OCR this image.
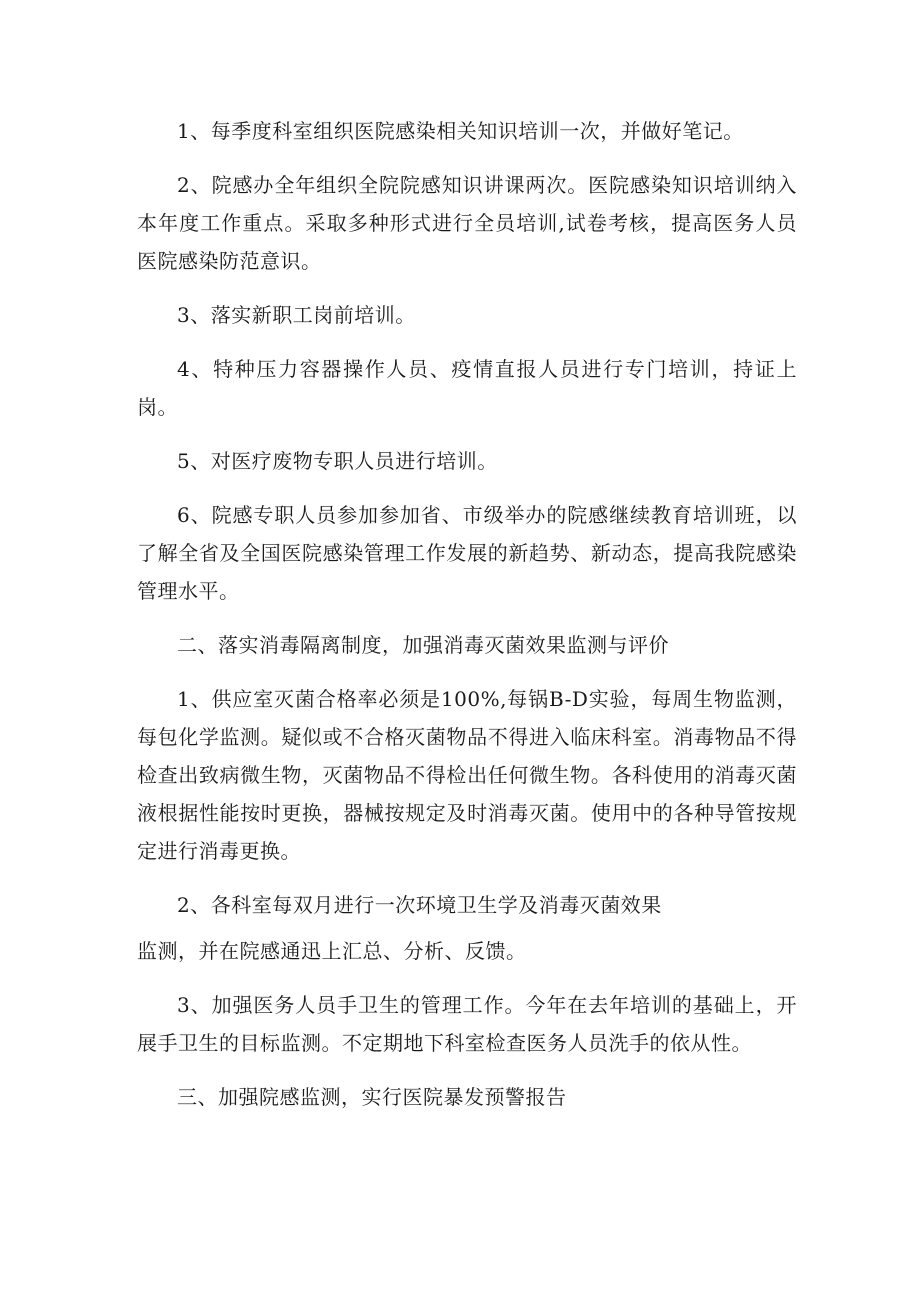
1、每季度科室组织医院感染相关知识培训一次，并做好笔记。

2、院感办全年组织全院院感知识讲课两次。医院感染知识培训纳入本年度工作重点。采取多种形式进行全员培训,试卷考核，提高医务人员医院感染防范意识。

3、落实新职工岗前培训。

4、特种压力容器操作人员、疫情直报人员进行专门培训，持证上岗。

5、对医疗废物专职人员进行培训。

6、院感专职人员参加参加省、市级举办的院感继续教育培训班，以了解全省及全国医院感染管理工作发展的新趋势、新动态，提高我院感染管理水平。

二、落实消毒隔离制度，加强消毒灭菌效果监测与评价

1、供应室灭菌合格率必须是100%,每锅B-D实验，每周生物监测，每包化学监测。疑似或不合格灭菌物品不得进入临床科室。消毒物品不得检查出致病微生物，灭菌物品不得检出任何微生物。各科使用的消毒灭菌液根据性能按时更换，器械按规定及时消毒灭菌。使用中的各种导管按规定进行消毒更换。

2、各科室每双月进行一次环境卫生学及消毒灭菌效果

监测，并在院感通迅上汇总、分析、反馈。

3、加强医务人员手卫生的管理工作。今年在去年培训的基础上，开展手卫生的目标监测。不定期地下科室检查医务人员洗手的依从性。

三、加强院感监测，实行医院暴发预警报告
